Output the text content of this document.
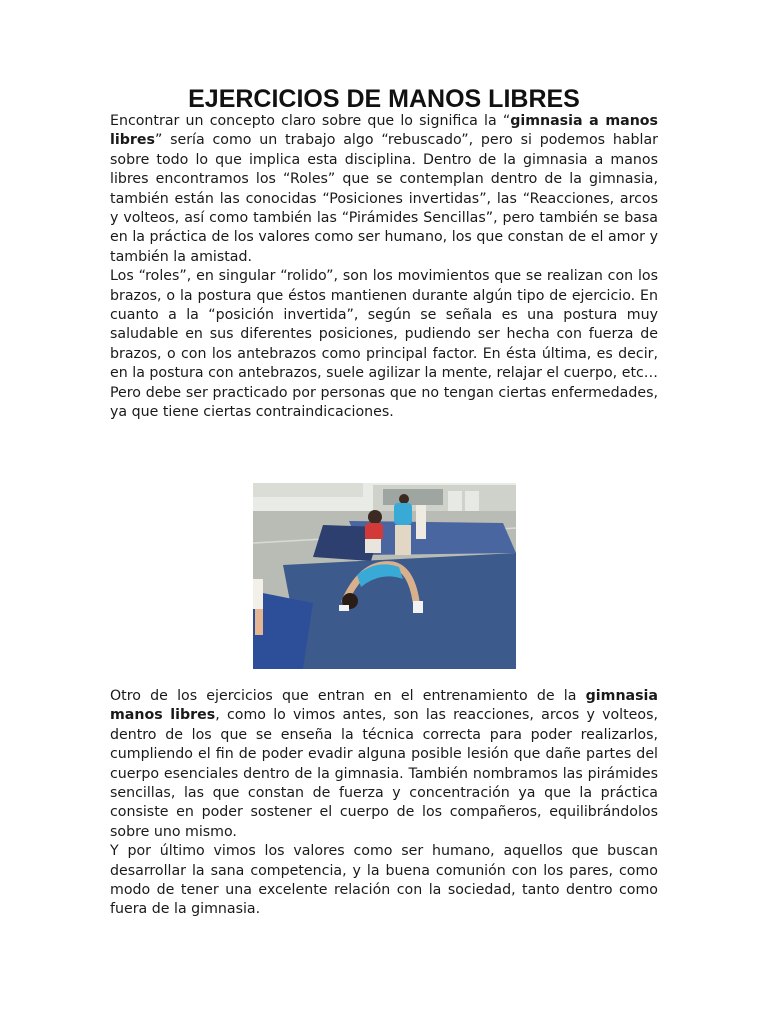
EJERCICIOS DE MANOS LIBRES

Encontrar un concepto claro sobre que lo significa la “gimnasia a manos libres” sería como un trabajo algo “rebuscado”, pero si podemos hablar sobre todo lo que implica esta disciplina. Dentro de la gimnasia a manos libres encontramos los “Roles” que se contemplan dentro de la gimnasia, también están las conocidas “Posiciones invertidas”, las “Reacciones, arcos y volteos, así como también las “Pirámides Sencillas”, pero también se basa en la práctica de los valores como ser humano, los que constan de el amor y también la amistad.

Los “roles”, en singular “rolido”, son los movimientos que se realizan con los brazos, o la postura que éstos mantienen durante algún tipo de ejercicio. En cuanto a la “posición invertida”, según se señala es una postura muy saludable en sus diferentes posiciones, pudiendo ser hecha con fuerza de brazos, o con los antebrazos como principal factor. En ésta última, es decir, en la postura con antebrazos, suele agilizar la mente, relajar el cuerpo, etc… Pero debe ser practicado por personas que no tengan ciertas enfermedades, ya que tiene ciertas contraindicaciones.

Otro de los ejercicios que entran en el entrenamiento de la gimnasia manos libres, como lo vimos antes, son las reacciones, arcos y volteos, dentro de los que se enseña la técnica correcta para poder realizarlos, cumpliendo el fin de poder evadir alguna posible lesión que dañe partes del cuerpo esenciales dentro de la gimnasia. También nombramos las pirámides sencillas, las que constan de fuerza y concentración ya que la práctica consiste en poder sostener el cuerpo de los compañeros, equilibrándolos sobre uno mismo.

Y por último vimos los valores como ser humano, aquellos que buscan desarrollar la sana competencia, y la buena comunión con los pares, como modo de tener una excelente relación con la sociedad, tanto dentro como fuera de la gimnasia.
